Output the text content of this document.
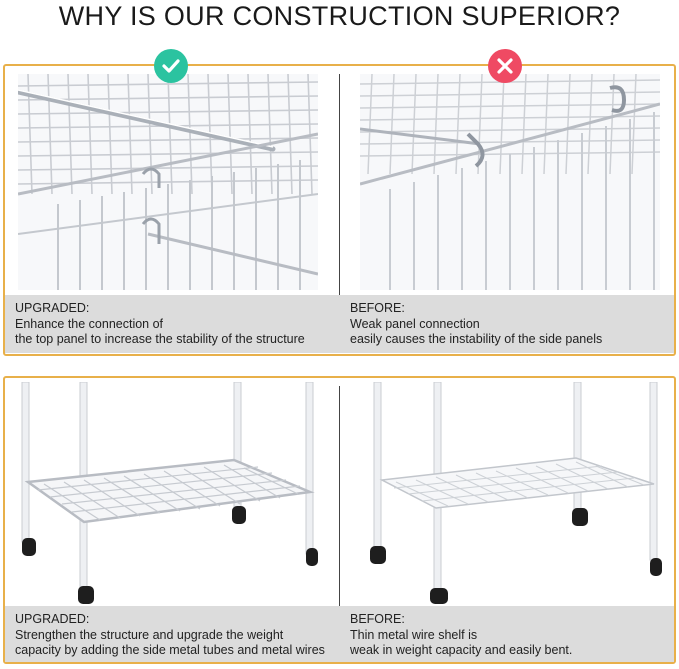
WHY IS OUR CONSTRUCTION SUPERIOR?
UPGRADED:
Enhance the connection of
the top panel to increase the stability of the structure
BEFORE:
Weak panel connection
easily causes the instability of the side panels
UPGRADED:
Strengthen the structure and upgrade the weight
capacity by adding the side metal tubes and metal wires
BEFORE:
Thin metal wire shelf is
weak in weight capacity and easily bent.
